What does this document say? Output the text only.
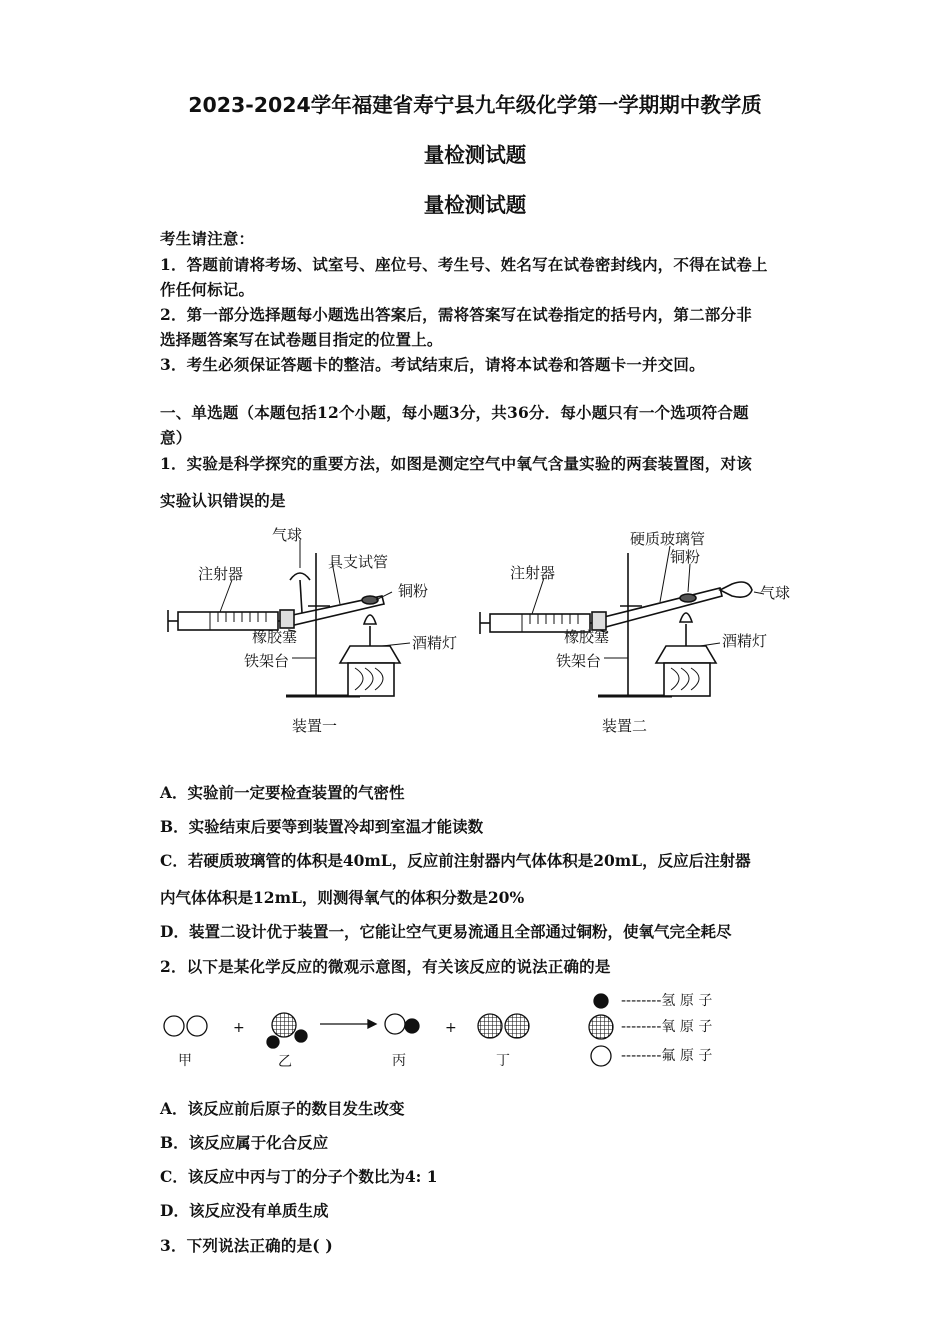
2023-2024学年福建省寿宁县九年级化学第一学期期中教学质
量检测试题
量检测试题
考生请注意：
1．答题前请将考场、试室号、座位号、考生号、姓名写在试卷密封线内，不得在试卷上
作任何标记。
2．第一部分选择题每小题选出答案后，需将答案写在试卷指定的括号内，第二部分非
选择题答案写在试卷题目指定的位置上。
3．考生必须保证答题卡的整洁。考试结束后，请将本试卷和答题卡一并交回。
一、单选题（本题包括12个小题，每小题3分，共36分．每小题只有一个选项符合题
意）
1．实验是科学探究的重要方法，如图是测定空气中氧气含量实验的两套装置图，对该
实验认识错误的是
气球
具支试管
注射器
铜粉
橡胶塞	酒精灯
铁架台
装置一
硬质玻璃管
铜粉
注射器
气球
橡胶塞	酒精灯
铁架台
装置二
A．实验前一定要检查装置的气密性
B．实验结束后要等到装置冷却到室温才能读数
C．若硬质玻璃管的体积是40mL，反应前注射器内气体体积是20mL，反应后注射器
内气体体积是12mL，则测得氧气的体积分数是20%
D．装置二设计优于装置一，它能让空气更易流通且全部通过铜粉，使氧气完全耗尽
2．以下是某化学反应的微观示意图，有关该反应的说法正确的是
甲
+
乙	丙
+
丁
--------氢 原 子
--------氧 原 子
--------氟 原 子
A．该反应前后原子的数目发生改变
B．该反应属于化合反应
C．该反应中丙与丁的分子个数比为4: 1
D．该反应没有单质生成
3．下列说法正确的是( )
